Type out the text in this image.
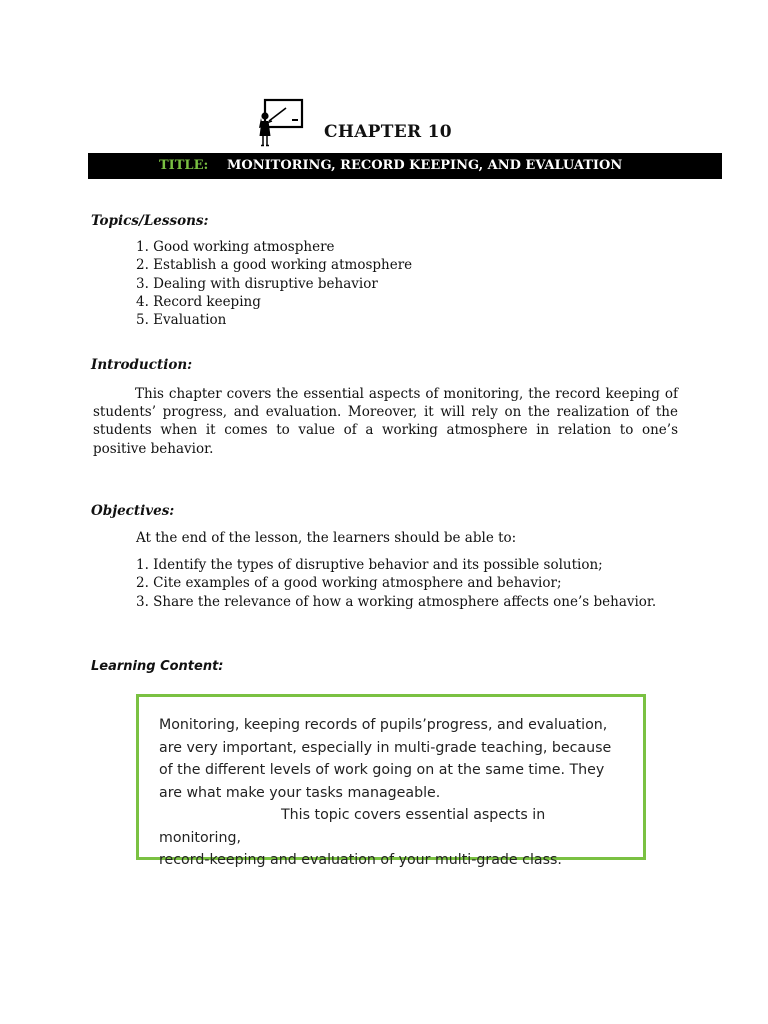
CHAPTER 10
TITLE: MONITORING, RECORD KEEPING, AND EVALUATION
Topics/Lessons:
1. Good working atmosphere
2. Establish a good working atmosphere
3. Dealing with disruptive behavior
4. Record keeping
5. Evaluation
Introduction:

This chapter covers the essential aspects of monitoring, the record keeping of students’ progress, and evaluation. Moreover, it will rely on the realization of the students when it comes to value of a working atmosphere in relation to one’s positive behavior.

Objectives:
At the end of the lesson, the learners should be able to:
1. Identify the types of disruptive behavior and its possible solution;
2. Cite examples of a good working atmosphere and behavior;
3. Share the relevance of how a working atmosphere affects one’s behavior.
Learning Content:
Monitoring, keeping records of pupils’progress, and evaluation, are very important, especially in multi-grade teaching, because of the different levels of work going on at the same time. They are what make your tasks manageable.
This topic covers essential aspects in monitoring,
record-keeping and evaluation of your multi-grade class.
